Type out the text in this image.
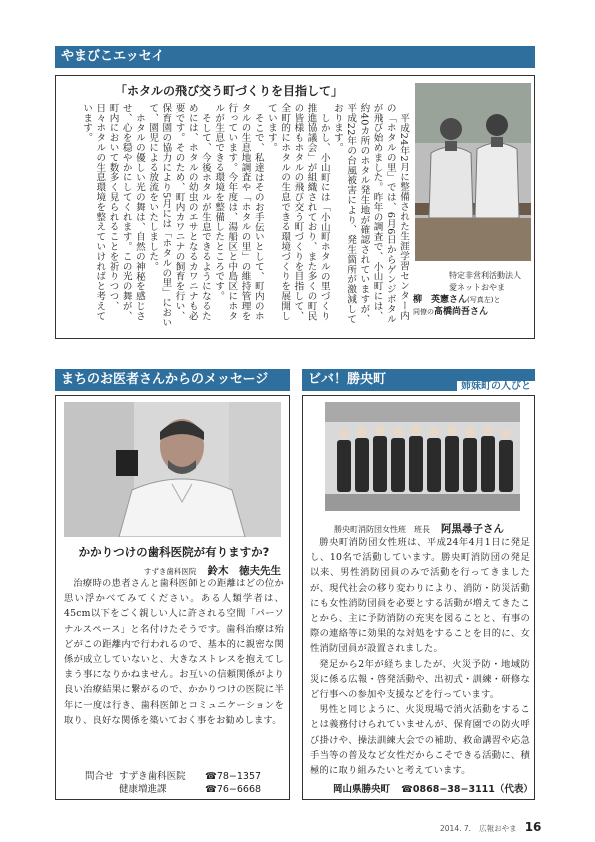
やまびこエッセイ
「ホタルの飛び交う町づくりを目指して」

平成24年2月に整備された生涯学習センター内の「ホタルの里」では、6月6日からゲンジボタルが飛び始めました。昨年の調査で、小山町には、約40カ所のホタル発生地が確認されていますが、平成22年の台風被害により、発生箇所が激減しております。

しかし、小山町には「小山町ホタルの里づくり推進協議会」が組織されており、また多くの町民の皆様もホタルの飛び交う町づくりを目指して、全町的にホタルの生息できる環境づくりを展開しています。

そこで、私達はそのお手伝いとして、町内のホタルの生息地調査や「ホタルの里」の維持管理を行っています。今年度は、湯船区と中島区にホタルが生息できる環境を整備したところです。

そして、今後ホタルが生息できるようになるためには、ホタルの幼虫のエサとなるカワニナも必要です。そのため、町内カワニナの飼育を行い、保育園の協力により5月には「ホタルの里」において、園児による放流をいたしました。

ホタルの優しい光の舞は、自然の神秘を感じさせ、心を穏やかにしてくれます。この光の舞が、町内において数多く見られることを祈りつつ、日々ホタルの生息環境を整えていければと考えています。

特定非営利活動法人
愛ネットおやま
柳　英憲さん(写真左)と
同僚の髙橋尚吾さん
まちのお医者さんからのメッセージ
かかりつけの歯科医院が有りますか?
すずき歯科医院 鈴木　徳夫先生

治療時の患者さんと歯科医師との距離はどの位か思い浮かべてみてください。ある人類学者は、45cm以下をごく親しい人に許される空間「パーソナルスペース」と名付けたそうです。歯科治療は殆どがこの距離内で行われるので、基本的に親密な関係が成立していないと、大きなストレスを抱えてしまう事になりかねません。お互いの信頼関係がより良い治療結果に繋がるので、かかりつけの医院に半年に一度は行き、歯科医師とコミュニケーションを取り、良好な関係を築いておく事をお勧めします。

問合せ すずき歯科医院	☎78−1357
健康増進課	☎76−6668
ビバ！勝央町	姉妹町の人びと
勝央町消防団女性班　班長 阿黒尋子さん

勝央町消防団女性班は、平成24年4月1日に発足し、10名で活動しています。勝央町消防団の発足以来、男性消防団員のみで活動を行ってきましたが、現代社会の移り変わりにより、消防・防災活動にも女性消防団員を必要とする活動が増えてきたことから、主に予防消防の充実を図ることと、有事の際の連絡等に効果的な対処をすることを目的に、女性消防団員が設置されました。

発足から2年が経ちましたが、火災予防・地域防災に係る広報・啓発活動や、出初式・訓練・研修など行事への参加や支援などを行っています。

男性と同じように、火災現場で消火活動をすることは義務付けられていませんが、保育園での防火呼び掛けや、操法訓練大会での補助、救命講習や応急手当等の普及など女性だからこそできる活動に、積極的に取り組みたいと考えています。

岡山県勝央町 ☎0868−38−3111（代表）
2014. 7. 広報おやま 16
